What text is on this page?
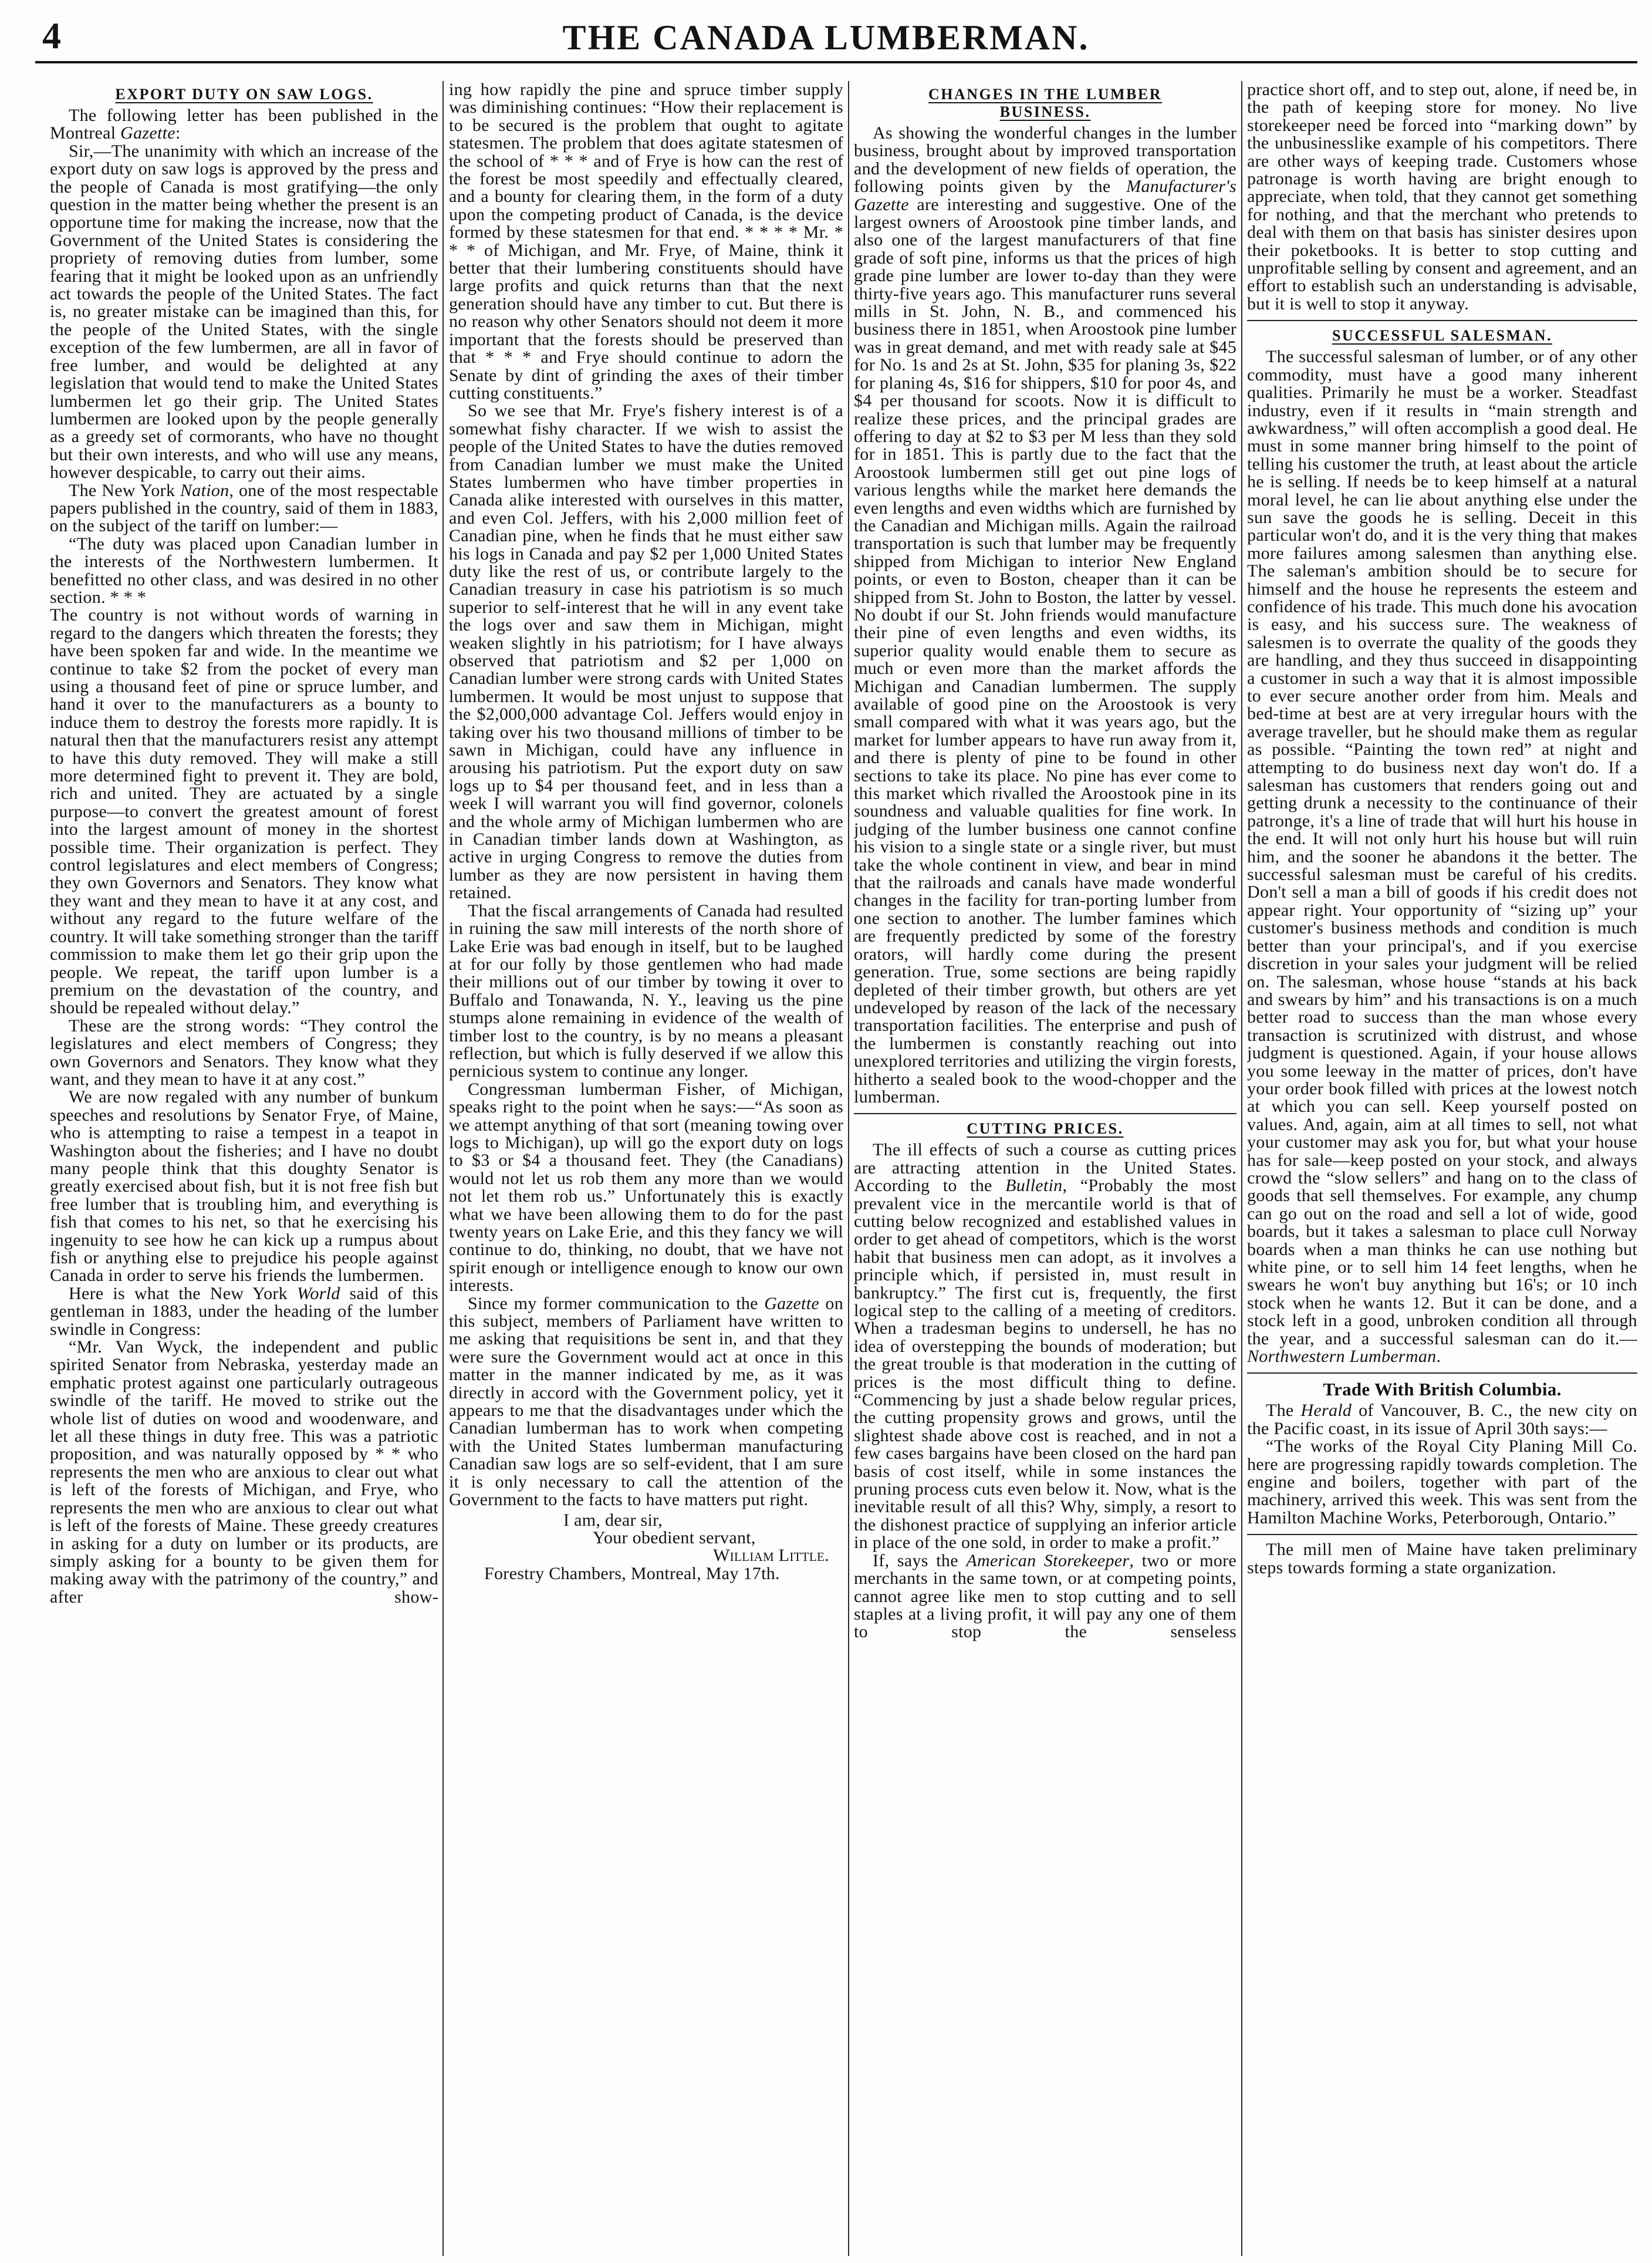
4	THE CANADA LUMBERMAN.
EXPORT DUTY ON SAW LOGS.

The following letter has been published in the Montreal Gazette:

Sir,—The unanimity with which an increase of the export duty on saw logs is approved by the press and the people of Canada is most gratifying—the only question in the matter being whether the present is an opportune time for making the increase, now that the Government of the United States is considering the propriety of removing duties from lumber, some fearing that it might be looked upon as an unfriendly act towards the people of the United States. The fact is, no greater mistake can be imagined than this, for the people of the United States, with the single exception of the few lumbermen, are all in favor of free lumber, and would be delighted at any legislation that would tend to make the United States lumbermen let go their grip. The United States lumbermen are looked upon by the people generally as a greedy set of cormorants, who have no thought but their own interests, and who will use any means, however despicable, to carry out their aims.

The New York Nation, one of the most respectable papers published in the country, said of them in 1883, on the subject of the tariff on lumber:—

“The duty was placed upon Canadian lumber in the interests of the Northwestern lumbermen. It benefitted no other class, and was desired in no other section. * * *

The country is not without words of warning in regard to the dangers which threaten the forests; they have been spoken far and wide. In the meantime we continue to take $2 from the pocket of every man using a thousand feet of pine or spruce lumber, and hand it over to the manufacturers as a bounty to induce them to destroy the forests more rapidly. It is natural then that the manufacturers resist any attempt to have this duty removed. They will make a still more determined fight to prevent it. They are bold, rich and united. They are actuated by a single purpose—to convert the greatest amount of forest into the largest amount of money in the shortest possible time. Their organization is perfect. They control legislatures and elect members of Congress; they own Governors and Senators. They know what they want and they mean to have it at any cost, and without any regard to the future welfare of the country. It will take something stronger than the tariff commission to make them let go their grip upon the people. We repeat, the tariff upon lumber is a premium on the devastation of the country, and should be repealed without delay.”

These are the strong words: “They control the legislatures and elect members of Congress; they own Governors and Senators. They know what they want, and they mean to have it at any cost.”

We are now regaled with any number of bunkum speeches and resolutions by Senator Frye, of Maine, who is attempting to raise a tempest in a teapot in Washington about the fisheries; and I have no doubt many people think that this doughty Senator is greatly exercised about fish, but it is not free fish but free lumber that is troubling him, and everything is fish that comes to his net, so that he exercising his ingenuity to see how he can kick up a rumpus about fish or anything else to prejudice his people against Canada in order to serve his friends the lumbermen.

Here is what the New York World said of this gentleman in 1883, under the heading of the lumber swindle in Congress:

“Mr. Van Wyck, the independent and public spirited Senator from Nebraska, yesterday made an emphatic protest against one particularly outrageous swindle of the tariff. He moved to strike out the whole list of duties on wood and woodenware, and let all these things in duty free. This was a patriotic proposition, and was naturally opposed by * * who represents the men who are anxious to clear out what is left of the forests of Michigan, and Frye, who represents the men who are anxious to clear out what is left of the forests of Maine. These greedy creatures in asking for a duty on lumber or its products, are simply asking for a bounty to be given them for making away with the patrimony of the country,” and after show-

ing how rapidly the pine and spruce timber supply was diminishing continues: “How their replacement is to be secured is the problem that ought to agitate statesmen. The problem that does agitate statesmen of the school of * * * and of Frye is how can the rest of the forest be most speedily and effectually cleared, and a bounty for clearing them, in the form of a duty upon the competing product of Canada, is the device formed by these statesmen for that end. * * * * Mr. * * * of Michigan, and Mr. Frye, of Maine, think it better that their lumbering constituents should have large profits and quick returns than that the next generation should have any timber to cut. But there is no reason why other Senators should not deem it more important that the forests should be preserved than that * * * and Frye should continue to adorn the Senate by dint of grinding the axes of their timber cutting constituents.”

So we see that Mr. Frye's fishery interest is of a somewhat fishy character. If we wish to assist the people of the United States to have the duties removed from Canadian lumber we must make the United States lumbermen who have timber properties in Canada alike interested with ourselves in this matter, and even Col. Jeffers, with his 2,000 million feet of Canadian pine, when he finds that he must either saw his logs in Canada and pay $2 per 1,000 United States duty like the rest of us, or contribute largely to the Canadian treasury in case his patriotism is so much superior to self-interest that he will in any event take the logs over and saw them in Michigan, might weaken slightly in his patriotism; for I have always observed that patriotism and $2 per 1,000 on Canadian lumber were strong cards with United States lumbermen. It would be most unjust to suppose that the $2,000,000 advantage Col. Jeffers would enjoy in taking over his two thousand millions of timber to be sawn in Michigan, could have any influence in arousing his patriotism. Put the export duty on saw logs up to $4 per thousand feet, and in less than a week I will warrant you will find governor, colonels and the whole army of Michigan lumbermen who are in Canadian timber lands down at Washington, as active in urging Congress to remove the duties from lumber as they are now persistent in having them retained.

That the fiscal arrangements of Canada had resulted in ruining the saw mill interests of the north shore of Lake Erie was bad enough in itself, but to be laughed at for our folly by those gentlemen who had made their millions out of our timber by towing it over to Buffalo and Tonawanda, N. Y., leaving us the pine stumps alone remaining in evidence of the wealth of timber lost to the country, is by no means a pleasant reflection, but which is fully deserved if we allow this pernicious system to continue any longer.

Congressman lumberman Fisher, of Michigan, speaks right to the point when he says:—“As soon as we attempt anything of that sort (meaning towing over logs to Michigan), up will go the export duty on logs to $3 or $4 a thousand feet. They (the Canadians) would not let us rob them any more than we would not let them rob us.” Unfortunately this is exactly what we have been allowing them to do for the past twenty years on Lake Erie, and this they fancy we will continue to do, thinking, no doubt, that we have not spirit enough or intelligence enough to know our own interests.

Since my former communication to the Gazette on this subject, members of Parliament have written to me asking that requisitions be sent in, and that they were sure the Government would act at once in this matter in the manner indicated by me, as it was directly in accord with the Government policy, yet it appears to me that the disadvantages under which the Canadian lumberman has to work when competing with the United States lumberman manufacturing Canadian saw logs are so self-evident, that I am sure it is only necessary to call the attention of the Government to the facts to have matters put right.

I am, dear sir,
Your obedient servant,
William Little.
Forestry Chambers, Montreal, May 17th.
CHANGES IN THE LUMBER BUSINESS.

As showing the wonderful changes in the lumber business, brought about by improved transportation and the development of new fields of operation, the following points given by the Manufacturer's Gazette are interesting and suggestive. One of the largest owners of Aroostook pine timber lands, and also one of the largest manufacturers of that fine grade of soft pine, informs us that the prices of high grade pine lumber are lower to-day than they were thirty-five years ago. This manufacturer runs several mills in St. John, N. B., and commenced his business there in 1851, when Aroostook pine lumber was in great demand, and met with ready sale at $45 for No. 1s and 2s at St. John, $35 for planing 3s, $22 for planing 4s, $16 for shippers, $10 for poor 4s, and $4 per thousand for scoots. Now it is difficult to realize these prices, and the principal grades are offering to day at $2 to $3 per M less than they sold for in 1851. This is partly due to the fact that the Aroostook lumbermen still get out pine logs of various lengths while the market here demands the even lengths and even widths which are furnished by the Canadian and Michigan mills. Again the railroad transportation is such that lumber may be frequently shipped from Michigan to interior New England points, or even to Boston, cheaper than it can be shipped from St. John to Boston, the latter by vessel. No doubt if our St. John friends would manufacture their pine of even lengths and even widths, its superior quality would enable them to secure as much or even more than the market affords the Michigan and Canadian lumbermen. The supply available of good pine on the Aroostook is very small compared with what it was years ago, but the market for lumber appears to have run away from it, and there is plenty of pine to be found in other sections to take its place. No pine has ever come to this market which rivalled the Aroostook pine in its soundness and valuable qualities for fine work. In judging of the lumber business one cannot confine his vision to a single state or a single river, but must take the whole continent in view, and bear in mind that the railroads and canals have made wonderful changes in the facility for tran-porting lumber from one section to another. The lumber famines which are frequently predicted by some of the forestry orators, will hardly come during the present generation. True, some sections are being rapidly depleted of their timber growth, but others are yet undeveloped by reason of the lack of the necessary transportation facilities. The enterprise and push of the lumbermen is constantly reaching out into unexplored territories and utilizing the virgin forests, hitherto a sealed book to the wood-chopper and the lumberman.

CUTTING PRICES.

The ill effects of such a course as cutting prices are attracting attention in the United States. According to the Bulletin, “Probably the most prevalent vice in the mercantile world is that of cutting below recognized and established values in order to get ahead of competitors, which is the worst habit that business men can adopt, as it involves a principle which, if persisted in, must result in bankruptcy.” The first cut is, frequently, the first logical step to the calling of a meeting of creditors. When a tradesman begins to undersell, he has no idea of overstepping the bounds of moderation; but the great trouble is that moderation in the cutting of prices is the most difficult thing to define. “Commencing by just a shade below regular prices, the cutting propensity grows and grows, until the slightest shade above cost is reached, and in not a few cases bargains have been closed on the hard pan basis of cost itself, while in some instances the pruning process cuts even below it. Now, what is the inevitable result of all this? Why, simply, a resort to the dishonest practice of supplying an inferior article in place of the one sold, in order to make a profit.”

If, says the American Storekeeper, two or more merchants in the same town, or at competing points, cannot agree like men to stop cutting and to sell staples at a living profit, it will pay any one of them to stop the senseless

practice short off, and to step out, alone, if need be, in the path of keeping store for money. No live storekeeper need be forced into “marking down” by the unbusinesslike example of his competitors. There are other ways of keeping trade. Customers whose patronage is worth having are bright enough to appreciate, when told, that they cannot get something for nothing, and that the merchant who pretends to deal with them on that basis has sinister desires upon their poketbooks. It is better to stop cutting and unprofitable selling by consent and agreement, and an effort to establish such an understanding is advisable, but it is well to stop it anyway.

SUCCESSFUL SALESMAN.

The successful salesman of lumber, or of any other commodity, must have a good many inherent qualities. Primarily he must be a worker. Steadfast industry, even if it results in “main strength and awkwardness,” will often accomplish a good deal. He must in some manner bring himself to the point of telling his customer the truth, at least about the article he is selling. If needs be to keep himself at a natural moral level, he can lie about anything else under the sun save the goods he is selling. Deceit in this particular won't do, and it is the very thing that makes more failures among salesmen than anything else. The saleman's ambition should be to secure for himself and the house he represents the esteem and confidence of his trade. This much done his avocation is easy, and his success sure. The weakness of salesmen is to overrate the quality of the goods they are handling, and they thus succeed in disappointing a customer in such a way that it is almost impossible to ever secure another order from him. Meals and bed-time at best are at very irregular hours with the average traveller, but he should make them as regular as possible. “Painting the town red” at night and attempting to do business next day won't do. If a salesman has customers that renders going out and getting drunk a necessity to the continuance of their patronge, it's a line of trade that will hurt his house in the end. It will not only hurt his house but will ruin him, and the sooner he abandons it the better. The successful salesman must be careful of his credits. Don't sell a man a bill of goods if his credit does not appear right. Your opportunity of “sizing up” your customer's business methods and condition is much better than your principal's, and if you exercise discretion in your sales your judgment will be relied on. The salesman, whose house “stands at his back and swears by him” and his transactions is on a much better road to success than the man whose every transaction is scrutinized with distrust, and whose judgment is questioned. Again, if your house allows you some leeway in the matter of prices, don't have your order book filled with prices at the lowest notch at which you can sell. Keep yourself posted on values. And, again, aim at all times to sell, not what your customer may ask you for, but what your house has for sale—keep posted on your stock, and always crowd the “slow sellers” and hang on to the class of goods that sell themselves. For example, any chump can go out on the road and sell a lot of wide, good boards, but it takes a salesman to place cull Norway boards when a man thinks he can use nothing but white pine, or to sell him 14 feet lengths, when he swears he won't buy anything but 16's; or 10 inch stock when he wants 12. But it can be done, and a stock left in a good, unbroken condition all through the year, and a successful salesman can do it.—Northwestern Lumberman.

Trade With British Columbia.

The Herald of Vancouver, B. C., the new city on the Pacific coast, in its issue of April 30th says:—

“The works of the Royal City Planing Mill Co. here are progressing rapidly towards completion. The engine and boilers, together with part of the machinery, arrived this week. This was sent from the Hamilton Machine Works, Peterborough, Ontario.”

The mill men of Maine have taken preliminary steps towards forming a state organization.
